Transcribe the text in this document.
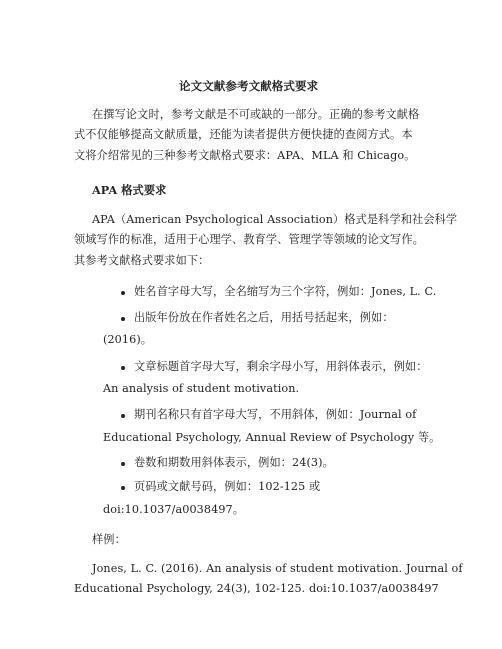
论文文献参考文献格式要求
在撰写论文时，参考文献是不可或缺的一部分。正确的参考文献格
式不仅能够提高文献质量，还能为读者提供方便快捷的查阅方式。本
文将介绍常见的三种参考文献格式要求：APA、MLA 和 Chicago。
APA 格式要求
APA（American Psychological Association）格式是科学和社会科学
领域写作的标准，适用于心理学、教育学、管理学等领域的论文写作。
其参考文献格式要求如下：
姓名首字母大写，全名缩写为三个字符，例如：Jones, L. C.
出版年份放在作者姓名之后，用括号括起来，例如：
(2016)。
文章标题首字母大写，剩余字母小写，用斜体表示，例如：
An analysis of student motivation.
期刊名称只有首字母大写，不用斜体，例如：Journal of
Educational Psychology, Annual Review of Psychology 等。
卷数和期数用斜体表示，例如：24(3)。
页码或文献号码，例如：102-125 或
doi:10.1037/a0038497。
样例：
Jones, L. C. (2016). An analysis of student motivation. Journal of
Educational Psychology, 24(3), 102-125. doi:10.1037/a0038497
